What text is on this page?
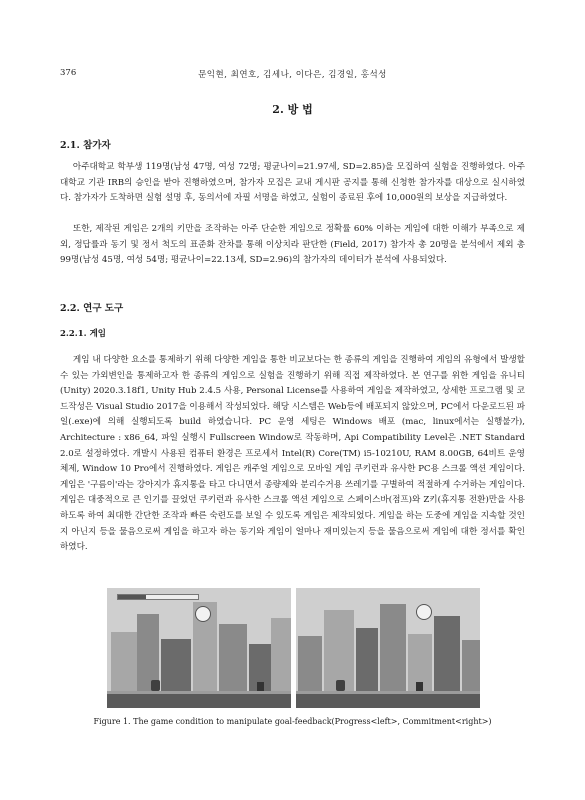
376	문익현, 최연호, 김세나, 이다은, 김경일, 홍석성
2. 방 법
2.1. 참가자

아주대학교 학부생 119명(남성 47명, 여성 72명; 평균나이=21.97세, SD=2.85)을 모집하여 실험을 진행하였다. 아주대학교 기관 IRB의 승인을 받아 진행하였으며, 참가자 모집은 교내 게시판 공지를 통해 신청한 참가자를 대상으로 실시하였다. 참가자가 도착하면 실험 설명 후, 동의서에 자필 서명을 하였고, 실험이 종료된 후에 10,000원의 보상을 지급하였다.

또한, 제작된 게임은 2개의 키만을 조작하는 아주 단순한 게임으로 정확률 60% 이하는 게임에 대한 이해가 부족으로 제외, 정답률과 동기 및 정서 척도의 표준화 잔차를 통해 이상치라 판단한 (Field, 2017) 참가자 총 20명을 분석에서 제외 총 99명(남성 45명, 여성 54명; 평균나이=22.13세, SD=2.96)의 참가자의 데이터가 분석에 사용되었다.

2.2. 연구 도구
2.2.1. 게임

게임 내 다양한 요소를 통제하기 위해 다양한 게임을 통한 비교보다는 한 종류의 게임을 진행하여 게임의 유형에서 발생할 수 있는 가외변인을 통제하고자 한 종류의 게임으로 실험을 진행하기 위해 직접 제작하였다. 본 연구를 위한 게임을 유니티(Unity) 2020.3.18f1, Unity Hub 2.4.5 사용, Personal License를 사용하여 게임을 제작하였고, 상세한 프로그램 및 코드작성은 Visual Studio 2017을 이용해서 작성되었다. 해당 시스템은 Web등에 배포되지 않았으며, PC에서 다운로드된 파일(.exe)에 의해 실행되도록 build 하였습니다. PC 운영 세팅은 Windows 배포 (mac, linux에서는 실행불가), Architecture : x86_64, 파일 실행시 Fullscreen Window로 작동하며, Api Compatibility Level은 .NET Standard 2.0로 설정하였다. 개발시 사용된 컴퓨터 환경은 프로세서 Intel(R) Core(TM) i5-10210U, RAM 8.00GB, 64비트 운영체제, Window 10 Pro에서 진행하였다. 게임은 캐주얼 게임으로 모바일 게임 쿠키런과 유사한 PC용 스크롤 액션 게임이다. 게임은 '구름이'라는 강아지가 휴지통을 타고 다니면서 종량제와 분리수거용 쓰레기를 구별하여 적절하게 수거하는 게임이다. 게임은 대중적으로 큰 인기를 끌었던 쿠키런과 유사한 스크롤 액션 게임으로 스페이스바(점프)와 Z키(휴지통 전환)만을 사용하도록 하여 최대한 간단한 조작과 빠른 숙련도를 보일 수 있도록 게임은 제작되었다. 게임을 하는 도중에 게임을 지속할 것인지 아닌지 등을 물음으로써 게임을 하고자 하는 동기와 게임이 얼마나 재미있는지 등을 물음으로써 게임에 대한 정서를 확인하였다.

Figure 1. The game condition to manipulate goal-feedback(Progress<left>, Commitment<right>)
